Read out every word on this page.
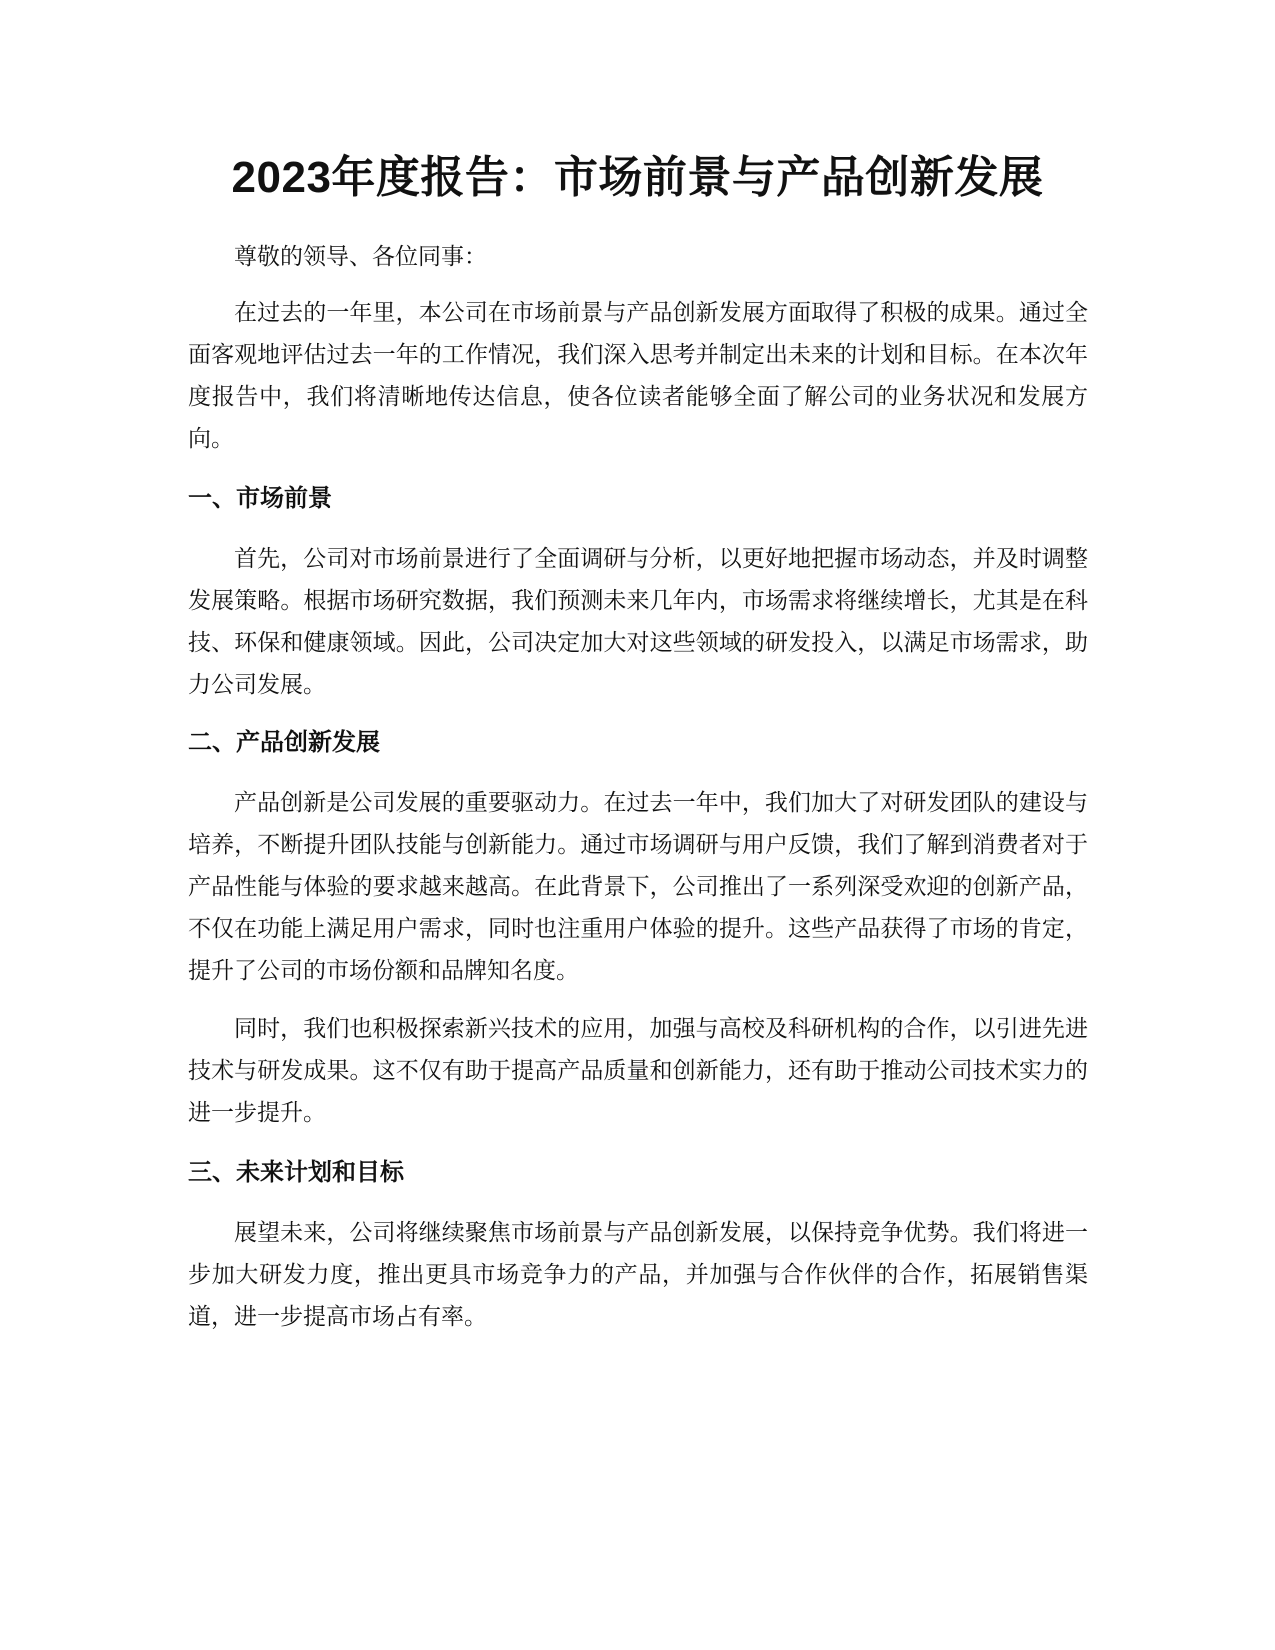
2023年度报告：市场前景与产品创新发展

尊敬的领导、各位同事：

在过去的一年里，本公司在市场前景与产品创新发展方面取得了积极的成果。通过全面客观地评估过去一年的工作情况，我们深入思考并制定出未来的计划和目标。在本次年度报告中，我们将清晰地传达信息，使各位读者能够全面了解公司的业务状况和发展方向。

一、市场前景

首先，公司对市场前景进行了全面调研与分析，以更好地把握市场动态，并及时调整发展策略。根据市场研究数据，我们预测未来几年内，市场需求将继续增长，尤其是在科技、环保和健康领域。因此，公司决定加大对这些领域的研发投入，以满足市场需求，助力公司发展。

二、产品创新发展

产品创新是公司发展的重要驱动力。在过去一年中，我们加大了对研发团队的建设与培养，不断提升团队技能与创新能力。通过市场调研与用户反馈，我们了解到消费者对于产品性能与体验的要求越来越高。在此背景下，公司推出了一系列深受欢迎的创新产品，不仅在功能上满足用户需求，同时也注重用户体验的提升。这些产品获得了市场的肯定，提升了公司的市场份额和品牌知名度。

同时，我们也积极探索新兴技术的应用，加强与高校及科研机构的合作，以引进先进技术与研发成果。这不仅有助于提高产品质量和创新能力，还有助于推动公司技术实力的进一步提升。

三、未来计划和目标

展望未来，公司将继续聚焦市场前景与产品创新发展，以保持竞争优势。我们将进一步加大研发力度，推出更具市场竞争力的产品，并加强与合作伙伴的合作，拓展销售渠道，进一步提高市场占有率。
